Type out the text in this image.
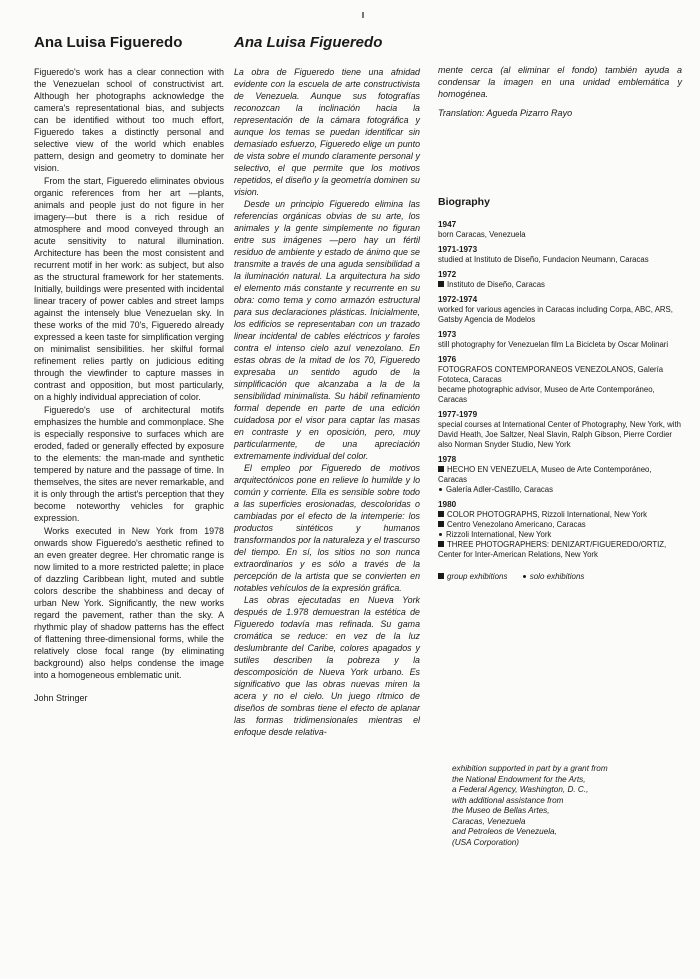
Ana Luisa Figueredo

Figueredo's work has a clear connection with the Venezuelan school of constructivist art. Although her photographs acknowledge the camera's representational bias, and subjects can be identified without too much effort, Figueredo takes a distinctly personal and selective view of the world which enables pattern, design and geometry to dominate her vision.

From the start, Figueredo eliminates obvious organic references from her art —plants, animals and people just do not figure in her imagery—but there is a rich residue of atmosphere and mood conveyed through an acute sensitivity to natural illumination. Architecture has been the most consistent and recurrent motif in her work: as subject, but also as the structural framework for her statements. Initially, buildings were presented with incidental linear tracery of power cables and street lamps against the intensely blue Venezuelan sky. In these works of the mid 70's, Figueredo already expressed a keen taste for simplification verging on minimalist sensibilities. her skilful formal refinement relies partly on judicious editing through the viewfinder to capture masses in contrast and opposition, but most particularly, on a highly individual appreciation of color.

Figueredo's use of architectural motifs emphasizes the humble and commonplace. She is especially responsive to surfaces which are eroded, faded or generally effected by exposure to the elements: the man-made and synthetic tempered by nature and the passage of time. In themselves, the sites are never remarkable, and it is only through the artist's perception that they become noteworthy vehicles for graphic expression.

Works executed in New York from 1978 onwards show Figueredo's aesthetic refined to an even greater degree. Her chromatic range is now limited to a more restricted palette; in place of dazzling Caribbean light, muted and subtle colors describe the shabbiness and decay of urban New York. Significantly, the new works regard the pavement, rather than the sky. A rhythmic play of shadow patterns has the effect of flattening three-dimensional forms, while the relatively close focal range (by eliminating background) also helps condense the image into a homogeneous emblematic unit.

John Stringer
Ana Luisa Figueredo

La obra de Figueredo tiene una afnidad evidente con la escuela de arte constructivista de Venezuela. Aunque sus fotografías reconozcan la inclinación hacia la representación de la cámara fotográfica y aunque los temas se puedan identificar sin demasiado esfuerzo, Figueredo elige un punto de vista sobre el mundo claramente personal y selectivo, el que permite que los motivos repetidos, el diseño y la geometría dominen su vision.

Desde un principio Figueredo elimina las referencias orgánicas obvias de su arte, los animales y la gente simplemente no figuran entre sus imágenes —pero hay un fértil residuo de ambiente y estado de ánimo que se transmite a través de una aguda sensibilidad a la iluminación natural. La arquitectura ha sido el elemento más constante y recurrente en su obra: como tema y como armazón estructural para sus declaraciones plásticas. Inicialmente, los edificios se representaban con un trazado linear incidental de cables eléctricos y faroles contra el intenso cielo azul venezolano. En estas obras de la mitad de los 70, Figueredo expresaba un sentido agudo de la simplificación que alcanzaba a la de la sensibilidad minimalista. Su hábil refinamiento formal depende en parte de una edición cuidadosa por el visor para captar las masas en contraste y en oposición, pero, muy particularmente, de una apreciación extremamente individual del color.

El empleo por Figueredo de motivos arquitectónicos pone en relieve lo humilde y lo común y corriente. Ella es sensible sobre todo a las superficies erosionadas, descoloridas o cambiadas por el efecto de la intemperie: los productos sintéticos y humanos transformandos por la naturaleza y el trascurso del tiempo. En sí, los sitios no son nunca extraordinarios y es sólo a través de la percepción de la artista que se convierten en notables vehículos de la expresión gráfica.

Las obras ejecutadas en Nueva York después de 1.978 demuestran la estética de Figueredo todavía mas refinada. Su gama cromática se reduce: en vez de la luz deslumbrante del Caribe, colores apagados y sutiles describen la pobreza y la descomposición de Nueva York urbano. Es significativo que las obras nuevas miren la acera y no el cielo. Un juego rítmico de diseños de sombras tiene el efecto de aplanar las formas tridimensionales mientras el enfoque desde relativa-

mente cerca (al eliminar el fondo) también ayuda a condensar la imagen en una unidad emblemática y homogénea.
Translation: Agueda Pizarro Rayo
Biography
1947
born Caracas, Venezuela
1971-1973
studied at Instituto de Diseño, Fundacion Neumann, Caracas
1972
Instituto de Diseño, Caracas
1972-1974
worked for various agencies in Caracas including Corpa, ABC, ARS, Gatsby Agencia de Modelos
1973
still photography for Venezuelan film La Bicicleta by Oscar Molinari
1976
FOTOGRAFOS CONTEMPORANEOS VENEZOLANOS, Galería Fototeca, Caracas
became photographic advisor, Museo de Arte Contemporáneo, Caracas
1977-1979
special courses at International Center of Photography, New York, with David Heath, Joe Saltzer, Neal Slavin, Ralph Gibson, Pierre Cordier also Norman Snyder Studio, New York
1978
HECHO EN VENEZUELA, Museo de Arte Contemporáneo, Caracas
Galería Adler-Castillo, Caracas
1980
COLOR PHOTOGRAPHS, Rizzoli International, New York
Centro Venezolano Americano, Caracas
Rizzoli International, New York
THREE PHOTOGRAPHERS: DENIZART/FIGUEREDO/ORTIZ, Center for Inter-American Relations, New York
group exhibitions	solo exhibitions
exhibition supported in part by a grant from
the National Endowment for the Arts,
a Federal Agency, Washington, D. C.,
with additional assistance from
the Museo de Bellas Artes,
Caracas, Venezuela
and Petroleos de Venezuela,
(USA Corporation)
